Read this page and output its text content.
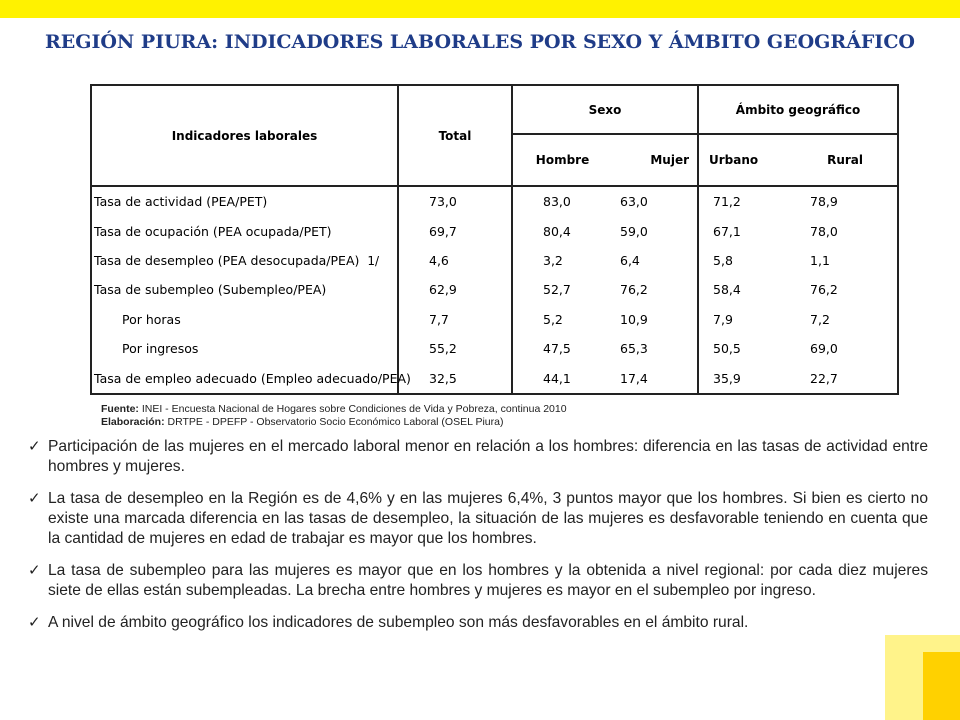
REGIÓN PIURA: INDICADORES LABORALES POR SEXO Y ÁMBITO GEOGRÁFICO
Indicadores laborales	Total	Sexo		Ámbito geográfico	
		Hombre	Mujer	Urbano	Rural
Tasa de actividad (PEA/PET)	73,0	83,0	63,0	71,2	78,9
Tasa de ocupación (PEA ocupada/PET)	69,7	80,4	59,0	67,1	78,0
Tasa de desempleo (PEA desocupada/PEA) 1/	4,6	3,2	6,4	5,8	1,1
Tasa de subempleo (Subempleo/PEA)	62,9	52,7	76,2	58,4	76,2
Por horas	7,7	5,2	10,9	7,9	7,2
Por ingresos	55,2	47,5	65,3	50,5	69,0
Tasa de empleo adecuado (Empleo adecuado/PEA)	32,5	44,1	17,4	35,9	22,7
Fuente: INEI - Encuesta Nacional de Hogares sobre Condiciones de Vida y Pobreza, continua 2010
Elaboración: DRTPE - DPEFP - Observatorio Socio Económico Laboral (OSEL Piura)
✓ Participación de las mujeres en el mercado laboral menor en relación a los hombres: diferencia en las tasas de actividad entre hombres y mujeres.
✓ La tasa de desempleo en la Región es de 4,6% y en las mujeres 6,4%, 3 puntos mayor que los hombres. Si bien es cierto no existe una marcada diferencia en las tasas de desempleo, la situación de las mujeres es desfavorable teniendo en cuenta que la cantidad de mujeres en edad de trabajar es mayor que los hombres.
✓ La tasa de subempleo para las mujeres es mayor que en los hombres y la obtenida a nivel regional: por cada diez mujeres siete de ellas están subempleadas. La brecha entre hombres y mujeres es mayor en el subempleo por ingreso.
✓ A nivel de ámbito geográfico los indicadores de subempleo son más desfavorables en el ámbito rural.
